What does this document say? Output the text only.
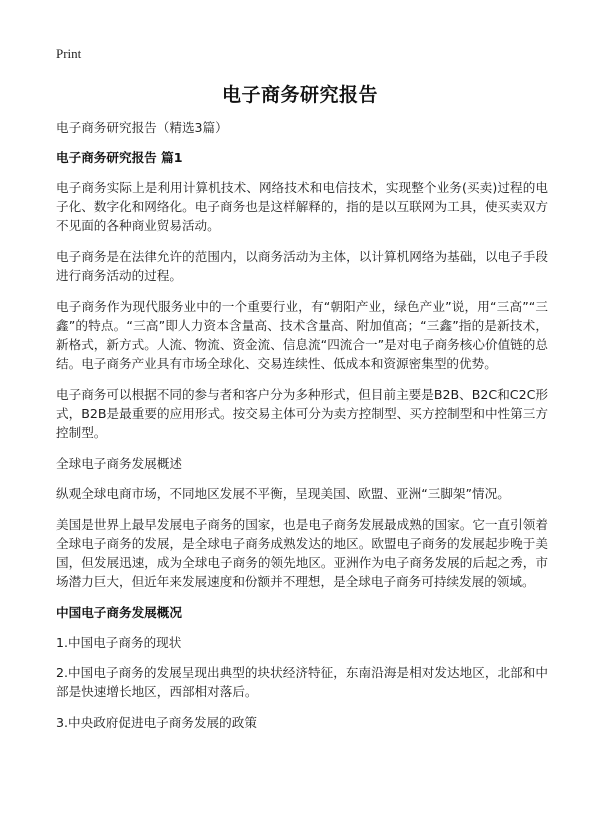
Print
电子商务研究报告

电子商务研究报告（精选3篇）

电子商务研究报告 篇1

电子商务实际上是利用计算机技术、网络技术和电信技术，实现整个业务(买卖)过程的电子化、数字化和网络化。电子商务也是这样解释的，指的是以互联网为工具，使买卖双方不见面的各种商业贸易活动。

电子商务是在法律允许的范围内，以商务活动为主体，以计算机网络为基础，以电子手段进行商务活动的过程。

电子商务作为现代服务业中的一个重要行业，有“朝阳产业，绿色产业”说，用“三高”“三鑫”的特点。“三高”即人力资本含量高、技术含量高、附加值高；“三鑫”指的是新技术，新格式，新方式。人流、物流、资金流、信息流“四流合一”是对电子商务核心价值链的总结。电子商务产业具有市场全球化、交易连续性、低成本和资源密集型的优势。

电子商务可以根据不同的参与者和客户分为多种形式，但目前主要是B2B、B2C和C2C形式，B2B是最重要的应用形式。按交易主体可分为卖方控制型、买方控制型和中性第三方控制型。

全球电子商务发展概述

纵观全球电商市场，不同地区发展不平衡，呈现美国、欧盟、亚洲“三脚架”情况。

美国是世界上最早发展电子商务的国家，也是电子商务发展最成熟的国家。它一直引领着全球电子商务的发展，是全球电子商务成熟发达的地区。欧盟电子商务的发展起步晚于美国，但发展迅速，成为全球电子商务的领先地区。亚洲作为电子商务发展的后起之秀，市场潜力巨大，但近年来发展速度和份额并不理想，是全球电子商务可持续发展的领域。

中国电子商务发展概况

1.中国电子商务的现状

2.中国电子商务的发展呈现出典型的块状经济特征，东南沿海是相对发达地区，北部和中部是快速增长地区，西部相对落后。

3.中央政府促进电子商务发展的政策
